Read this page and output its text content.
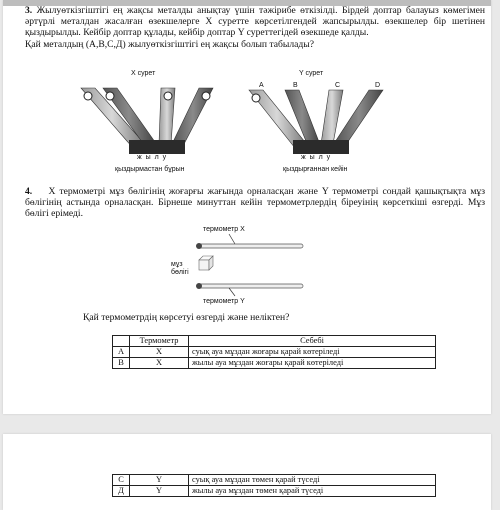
3. Жылуөткізгіштігі ең жақсы металды анықтау үшін тәжірибе өткізілді. Бірдей доптар балауыз көмегімен әртүрлі металдан жасалған өзекшелерге X суретте көрсетілгендей жапсырылды. өзекшелер бір шетінен қыздырылды. Кейбір доптар құлады, кейбір доптар Y суреттегідей өзекшеде қалды.
Қай металдың (А,В,С,Д) жылуөткізгіштігі ең жақсы болып табылады?
X сурет	Y сурет
A	B	C	D
ж ы л у	ж ы л у
қыздырмастан бұрын	қыздырғаннан кейін
4. X термометрі мұз бөлігінің жоғарғы жағында орналасқан және Y термометрі сондай қашықтықта мұз бөлігінің астында орналасқан. Бірнеше минуттан кейін термометрлердің біреуінің көрсеткіші өзгерді. Мұз бөлігі ерімеді.
термометр X
мұз
бөлігі
термометр Y
Қай термометрдің көрсетуі өзгерді және неліктен?
	Термометр	Себебі
A	X	суық ауа мұздан жоғары қарай көтеріледі
B	X	жылы ауа мұздан жоғары қарай көтеріледі
C	Y	суық ауа мұздан төмен қарай түседі
Д	Y	жылы ауа мұздан төмен қарай түседі
